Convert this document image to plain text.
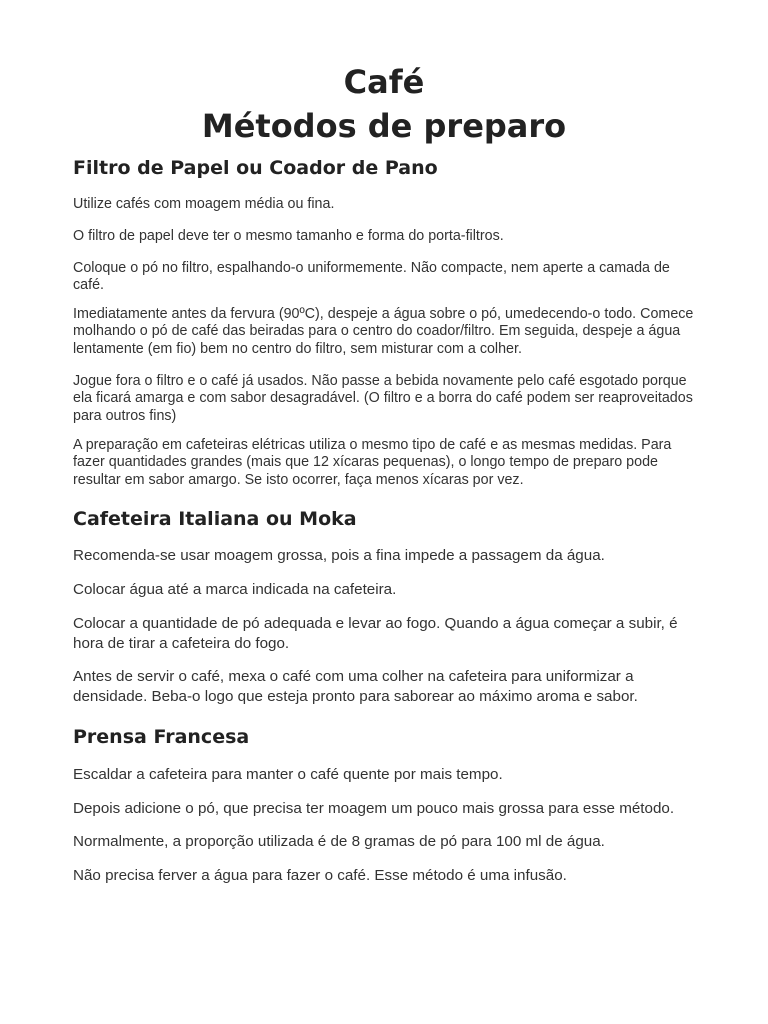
Café
Métodos de preparo
Filtro de Papel ou Coador de Pano

Utilize cafés com moagem média ou fina.

O filtro de papel deve ter o mesmo tamanho e forma do porta-filtros.

Coloque o pó no filtro, espalhando-o uniformemente. Não compacte, nem aperte a camada de café.

Imediatamente antes da fervura (90ºC), despeje a água sobre o pó, umedecendo-o todo. Comece molhando o pó de café das beiradas para o centro do coador/filtro. Em seguida, despeje a água lentamente (em fio) bem no centro do filtro, sem misturar com a colher.

Jogue fora o filtro e o café já usados. Não passe a bebida novamente pelo café esgotado porque ela ficará amarga e com sabor desagradável. (O filtro e a borra do café podem ser reaproveitados para outros fins)

A preparação em cafeteiras elétricas utiliza o mesmo tipo de café e as mesmas medidas. Para fazer quantidades grandes (mais que 12 xícaras pequenas), o longo tempo de preparo pode resultar em sabor amargo. Se isto ocorrer, faça menos xícaras por vez.

Cafeteira Italiana ou Moka

Recomenda-se usar moagem grossa, pois a fina impede a passagem da água.

Colocar água até a marca indicada na cafeteira.

Colocar a quantidade de pó adequada e levar ao fogo. Quando a água começar a subir, é hora de tirar a cafeteira do fogo.

Antes de servir o café, mexa o café com uma colher na cafeteira para uniformizar a densidade. Beba-o logo que esteja pronto para saborear ao máximo aroma e sabor.

Prensa Francesa

Escaldar a cafeteira para manter o café quente por mais tempo.

Depois adicione o pó, que precisa ter moagem um pouco mais grossa para esse método.

Normalmente, a proporção utilizada é de 8 gramas de pó para 100 ml de água.

Não precisa ferver a água para fazer o café. Esse método é uma infusão.
